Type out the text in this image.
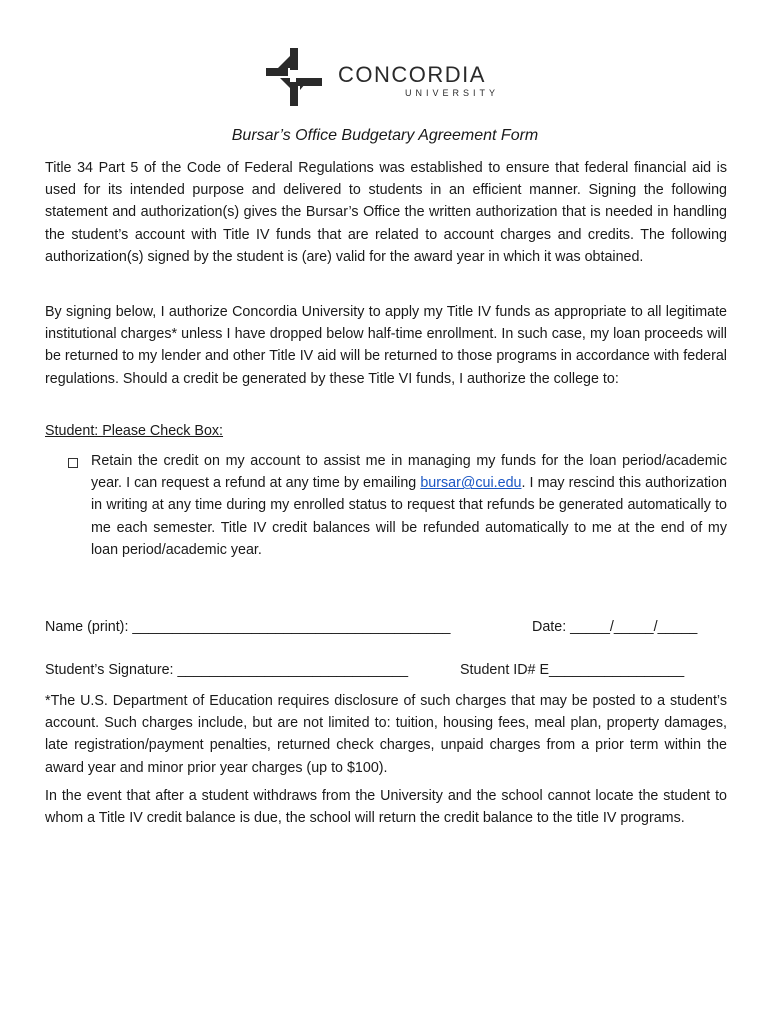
CONCORDIA
UNIVERSITY
Bursar’s Office Budgetary Agreement Form

Title 34 Part 5 of the Code of Federal Regulations was established to ensure that federal financial aid is used for its intended purpose and delivered to students in an efficient manner. Signing the following statement and authorization(s) gives the Bursar’s Office the written authorization that is needed in handling the student’s account with Title IV funds that are related to account charges and credits. The following authorization(s) signed by the student is (are) valid for the award year in which it was obtained.

By signing below, I authorize Concordia University to apply my Title IV funds as appropriate to all legitimate institutional charges* unless I have dropped below half-time enrollment. In such case, my loan proceeds will be returned to my lender and other Title IV aid will be returned to those programs in accordance with federal regulations. Should a credit be generated by these Title VI funds, I authorize the college to:

Student: Please Check Box:

Retain the credit on my account to assist me in managing my funds for the loan period/academic year. I can request a refund at any time by emailing bursar@cui.edu. I may rescind this authorization in writing at any time during my enrolled status to request that refunds be generated automatically to me each semester. Title IV credit balances will be refunded automatically to me at the end of my loan period/academic year.

Name (print): ________________________________________	Date: _____/_____/_____
Student’s Signature: _____________________________	Student ID# E_________________

*The U.S. Department of Education requires disclosure of such charges that may be posted to a student’s account. Such charges include, but are not limited to: tuition, housing fees, meal plan, property damages, late registration/payment penalties, returned check charges, unpaid charges from a prior term within the award year and minor prior year charges (up to $100).

In the event that after a student withdraws from the University and the school cannot locate the student to whom a Title IV credit balance is due, the school will return the credit balance to the title IV programs.
